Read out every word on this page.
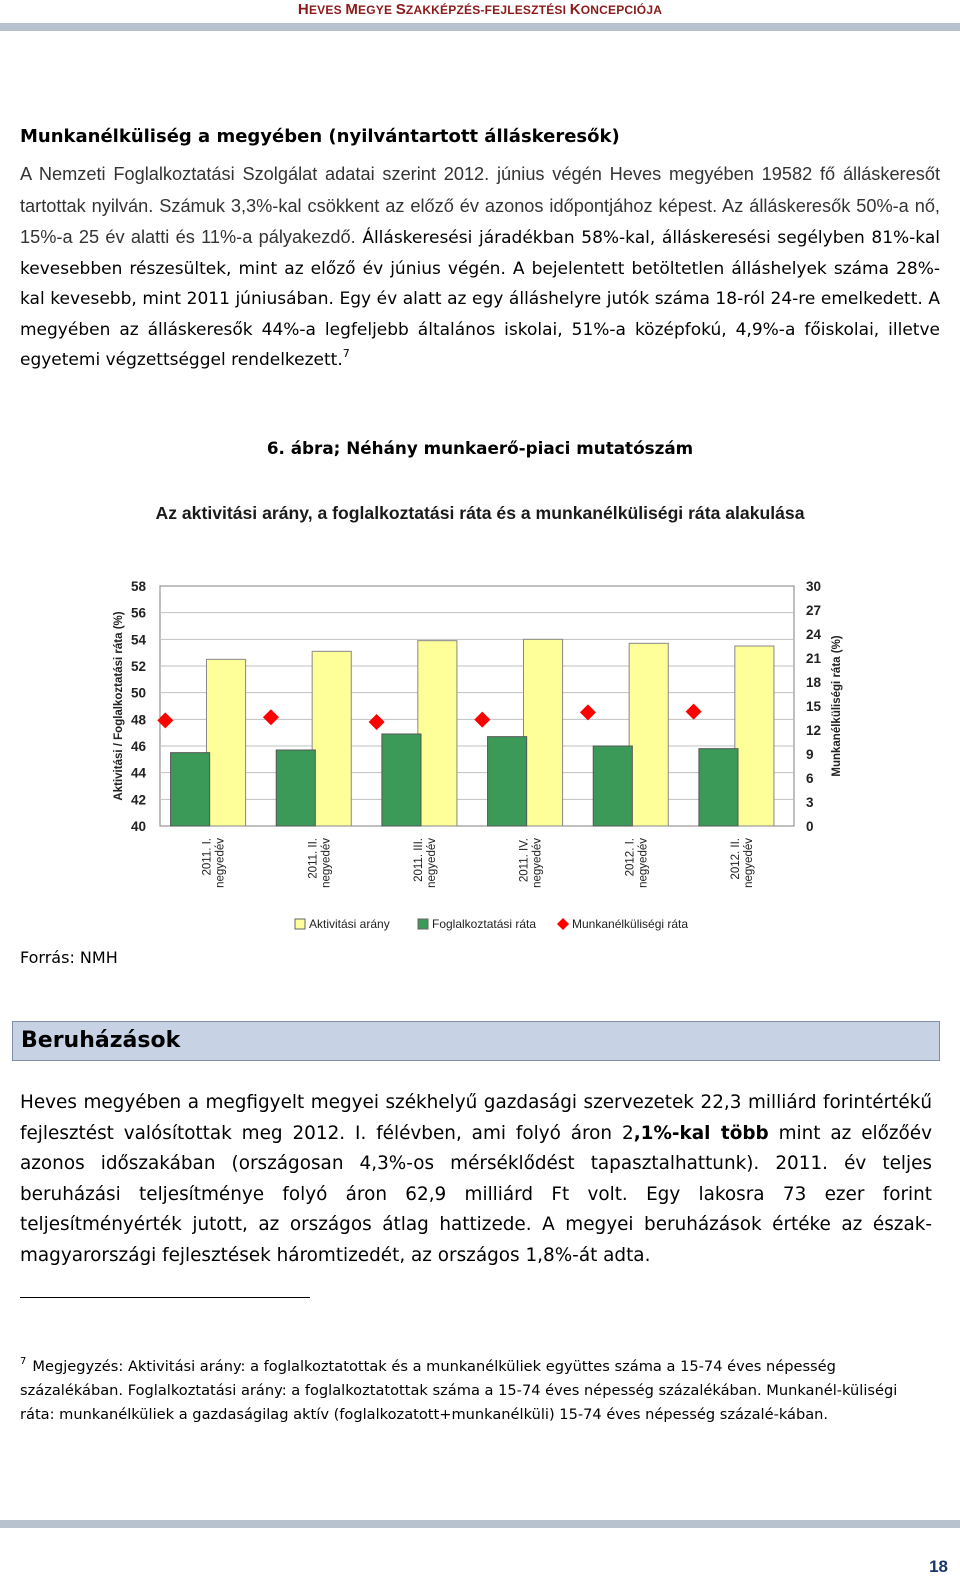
HEVES MEGYE SZAKKÉPZÉS-FEJLESZTÉSI KONCEPCIÓJA
Munkanélküliség a megyében (nyilvántartott álláskeresők)
A Nemzeti Foglalkoztatási Szolgálat adatai szerint 2012. június végén Heves megyében 19582 fő álláskeresőt tartottak nyilván. Számuk 3,3%-kal csökkent az előző év azonos időpontjához képest. Az álláskeresők 50%-a nő, 15%-a 25 év alatti és 11%-a pályakezdő. Álláskeresési járadékban 58%-kal, álláskeresési segélyben 81%-kal kevesebben részesültek, mint az előző év június végén. A bejelentett betöltetlen álláshelyek száma 28%-kal kevesebb, mint 2011 júniusában. Egy év alatt az egy álláshelyre jutók száma 18-ról 24-re emelkedett. A megyében az álláskeresők 44%-a legfeljebb általános iskolai, 51%-a középfokú, 4,9%-a főiskolai, illetve egyetemi végzettséggel rendelkezett.$^7$
6. ábra; Néhány munkaerő-piaci mutatószám
Az aktivitási arány, a foglalkoztatási ráta és a munkanélküliségi ráta alakulása
40
42
44
46
48
50
52
54
56
58
0
3
6
9
12
15
18
21
24
27
30
Aktivitási / Foglalkoztatási ráta (%)	Munkanélküliségi ráta (%)
2011. I. negyedév	2011. II. negyedév	2011. III. negyedév	2011. IV. negyedév	2012. I. negyedév	2012. II. negyedév
Aktivitási arány	Foglalkoztatási ráta	Munkanélküliségi ráta
Forrás: NMH
Beruházások
Heves megyében a megfigyelt megyei székhelyű gazdasági szervezetek 22,3 milliárd forintértékű fejlesztést valósítottak meg 2012. I. félévben, ami folyó áron 2,1%-kal több mint az előzőév azonos időszakában (országosan 4,3%-os mérséklődést tapasztalhattunk). 2011. év teljes beruházási teljesítménye folyó áron 62,9 milliárd Ft volt. Egy lakosra 73 ezer forint teljesítményérték jutott, az országos átlag hattizede. A megyei beruházások értéke az észak-magyarországi fejlesztések háromtizedét, az országos 1,8%-át adta.
$^7$ Megjegyzés: Aktivitási arány: a foglalkoztatottak és a munkanélküliek együttes száma a 15-74 éves népesség százalékában. Foglalkoztatási arány: a foglalkoztatottak száma a 15-74 éves népesség százalékában. Munkanél-küliségi ráta: munkanélküliek a gazdaságilag aktív (foglalkozatott+munkanélküli) 15-74 éves népesség százalé-kában.
18
